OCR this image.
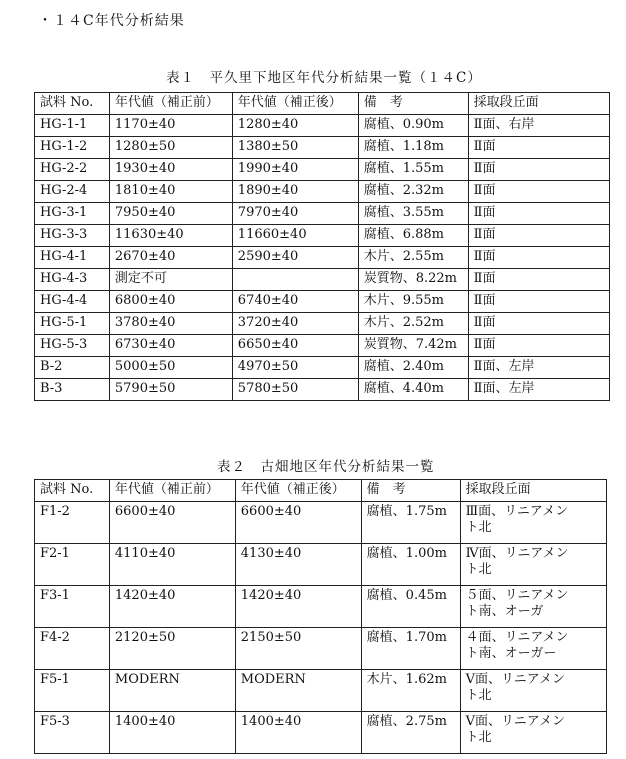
・１４C年代分析結果
表１　平久里下地区年代分析結果一覧（１４C）
試料 No.	年代値（補正前）	年代値（補正後）	備　考	採取段丘面
HG-1-1	1170±40	1280±40	腐植、0.90m	Ⅱ面、右岸
HG-1-2	1280±50	1380±50	腐植、1.18m	Ⅱ面
HG-2-2	1930±40	1990±40	腐植、1.55m	Ⅱ面
HG-2-4	1810±40	1890±40	腐植、2.32m	Ⅱ面
HG-3-1	7950±40	7970±40	腐植、3.55m	Ⅱ面
HG-3-3	11630±40	11660±40	腐植、6.88m	Ⅱ面
HG-4-1	2670±40	2590±40	木片、2.55m	Ⅱ面
HG-4-3	測定不可		炭質物、8.22m	Ⅱ面
HG-4-4	6800±40	6740±40	木片、9.55m	Ⅱ面
HG-5-1	3780±40	3720±40	木片、2.52m	Ⅱ面
HG-5-3	6730±40	6650±40	炭質物、7.42m	Ⅱ面
B-2	5000±50	4970±50	腐植、2.40m	Ⅱ面、左岸
B-3	5790±50	5780±50	腐植、4.40m	Ⅱ面、左岸
表２　古畑地区年代分析結果一覧
試料 No.	年代値（補正前）	年代値（補正後）	備　考	採取段丘面
F1-2	6600±40	6600±40	腐植、1.75m	Ⅲ面、リニアメン
ト北

F2-1	4110±40	4130±40	腐植、1.00m	Ⅳ面、リニアメン
ト北

F3-1	1420±40	1420±40	腐植、0.45m	５面、リニアメン
ト南、オーガ

F4-2	2120±50	2150±50	腐植、1.70m	４面、リニアメン
ト南、オーガー

F5-1	MODERN	MODERN	木片、1.62m	Ⅴ面、リニアメン
ト北

F5-3	1400±40	1400±40	腐植、2.75m	Ⅴ面、リニアメン
ト北
